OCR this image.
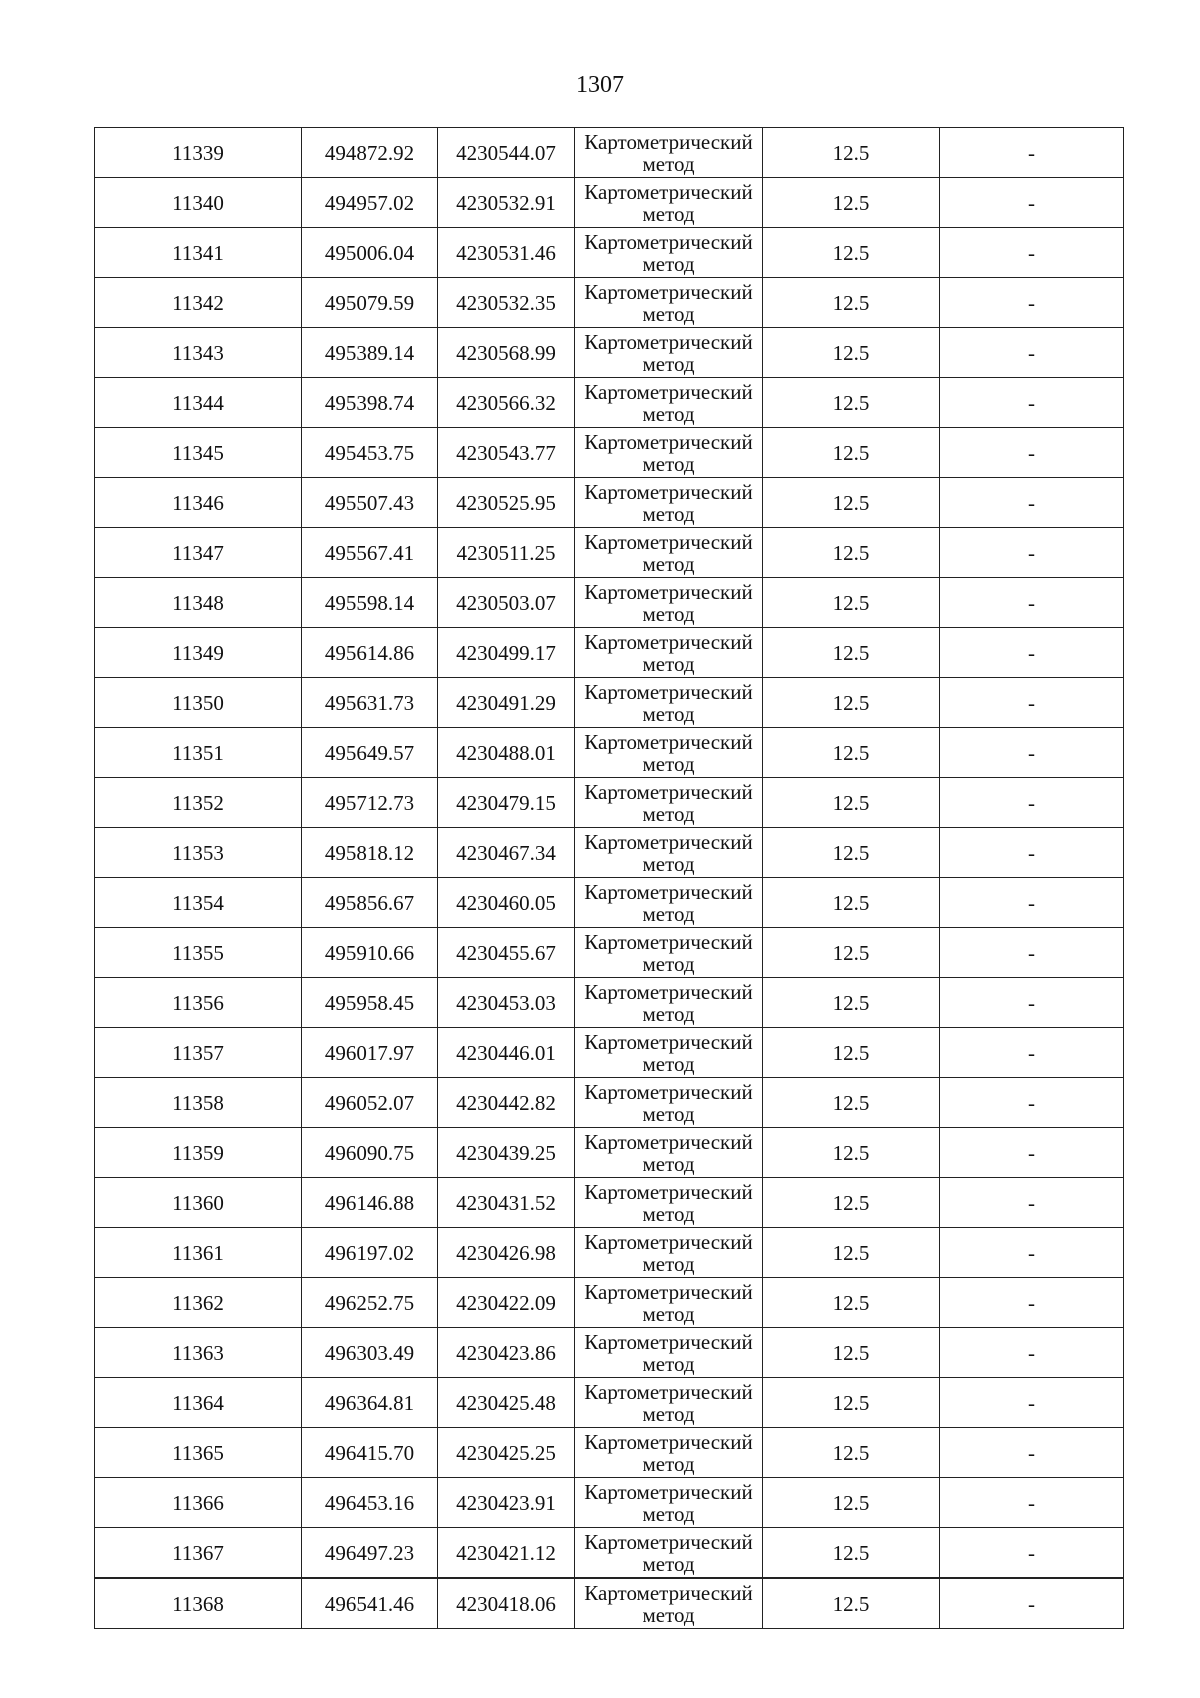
1307
11339	494872.92	4230544.07	Картометрический
метод	12.5	-
11340	494957.02	4230532.91	Картометрический
метод	12.5	-
11341	495006.04	4230531.46	Картометрический
метод	12.5	-
11342	495079.59	4230532.35	Картометрический
метод	12.5	-
11343	495389.14	4230568.99	Картометрический
метод	12.5	-
11344	495398.74	4230566.32	Картометрический
метод	12.5	-
11345	495453.75	4230543.77	Картометрический
метод	12.5	-
11346	495507.43	4230525.95	Картометрический
метод	12.5	-
11347	495567.41	4230511.25	Картометрический
метод	12.5	-
11348	495598.14	4230503.07	Картометрический
метод	12.5	-
11349	495614.86	4230499.17	Картометрический
метод	12.5	-
11350	495631.73	4230491.29	Картометрический
метод	12.5	-
11351	495649.57	4230488.01	Картометрический
метод	12.5	-
11352	495712.73	4230479.15	Картометрический
метод	12.5	-
11353	495818.12	4230467.34	Картометрический
метод	12.5	-
11354	495856.67	4230460.05	Картометрический
метод	12.5	-
11355	495910.66	4230455.67	Картометрический
метод	12.5	-
11356	495958.45	4230453.03	Картометрический
метод	12.5	-
11357	496017.97	4230446.01	Картометрический
метод	12.5	-
11358	496052.07	4230442.82	Картометрический
метод	12.5	-
11359	496090.75	4230439.25	Картометрический
метод	12.5	-
11360	496146.88	4230431.52	Картометрический
метод	12.5	-
11361	496197.02	4230426.98	Картометрический
метод	12.5	-
11362	496252.75	4230422.09	Картометрический
метод	12.5	-
11363	496303.49	4230423.86	Картометрический
метод	12.5	-
11364	496364.81	4230425.48	Картометрический
метод	12.5	-
11365	496415.70	4230425.25	Картометрический
метод	12.5	-
11366	496453.16	4230423.91	Картометрический
метод	12.5	-
11367	496497.23	4230421.12	Картометрический
метод	12.5	-
11368	496541.46	4230418.06	Картометрический
метод	12.5	-
